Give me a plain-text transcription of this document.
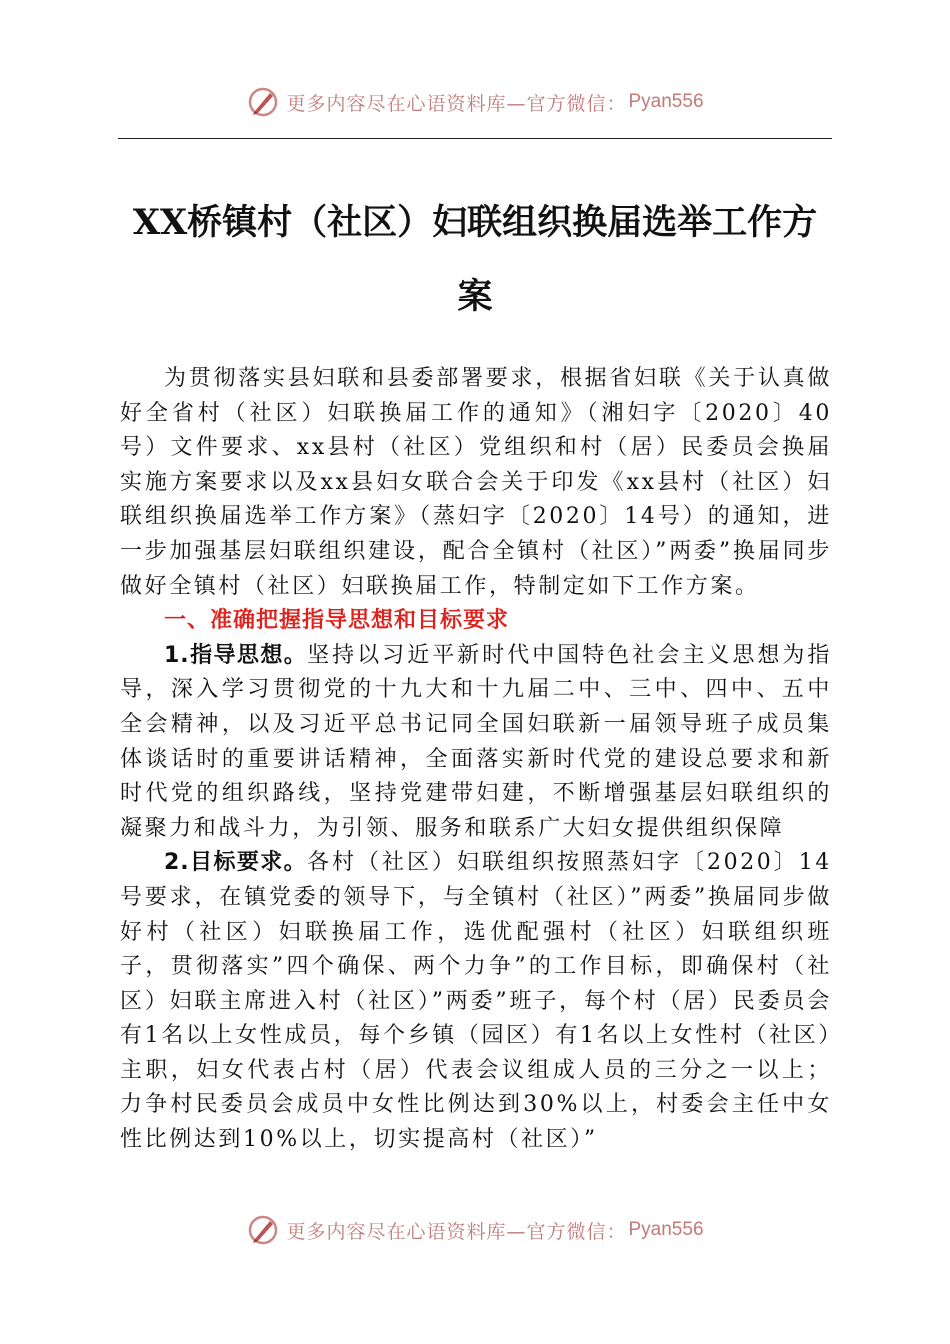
更多内容尽在心语资料库—官方微信： Pyan556
XX桥镇村（社区）妇联组织换届选举工作方案

为贯彻落实县妇联和县委部署要求，根据省妇联《关于认真做好全省村（社区）妇联换届工作的通知》（湘妇字〔2020〕40号）文件要求、xx县村（社区）党组织和村（居）民委员会换届实施方案要求以及xx县妇女联合会关于印发《xx县村（社区）妇联组织换届选举工作方案》（蒸妇字〔2020〕14号）的通知，进一步加强基层妇联组织建设，配合全镇村（社区）”两委”换届同步做好全镇村（社区）妇联换届工作，特制定如下工作方案。

一、准确把握指导思想和目标要求

1.指导思想。坚持以习近平新时代中国特色社会主义思想为指导，深入学习贯彻党的十九大和十九届二中、三中、四中、五中全会精神，以及习近平总书记同全国妇联新一届领导班子成员集体谈话时的重要讲话精神，全面落实新时代党的建设总要求和新时代党的组织路线，坚持党建带妇建，不断增强基层妇联组织的凝聚力和战斗力，为引领、服务和联系广大妇女提供组织保障

2.目标要求。各村（社区）妇联组织按照蒸妇字〔2020〕14号要求，在镇党委的领导下，与全镇村（社区）”两委”换届同步做好村（社区）妇联换届工作，选优配强村（社区）妇联组织班子，贯彻落实”四个确保、两个力争”的工作目标，即确保村（社区）妇联主席进入村（社区）”两委”班子，每个村（居）民委员会有1名以上女性成员，每个乡镇（园区）有1名以上女性村（社区）主职，妇女代表占村（居）代表会议组成人员的三分之一以上；力争村民委员会成员中女性比例达到30%以上，村委会主任中女性比例达到10%以上，切实提高村（社区）”

更多内容尽在心语资料库—官方微信： Pyan556
